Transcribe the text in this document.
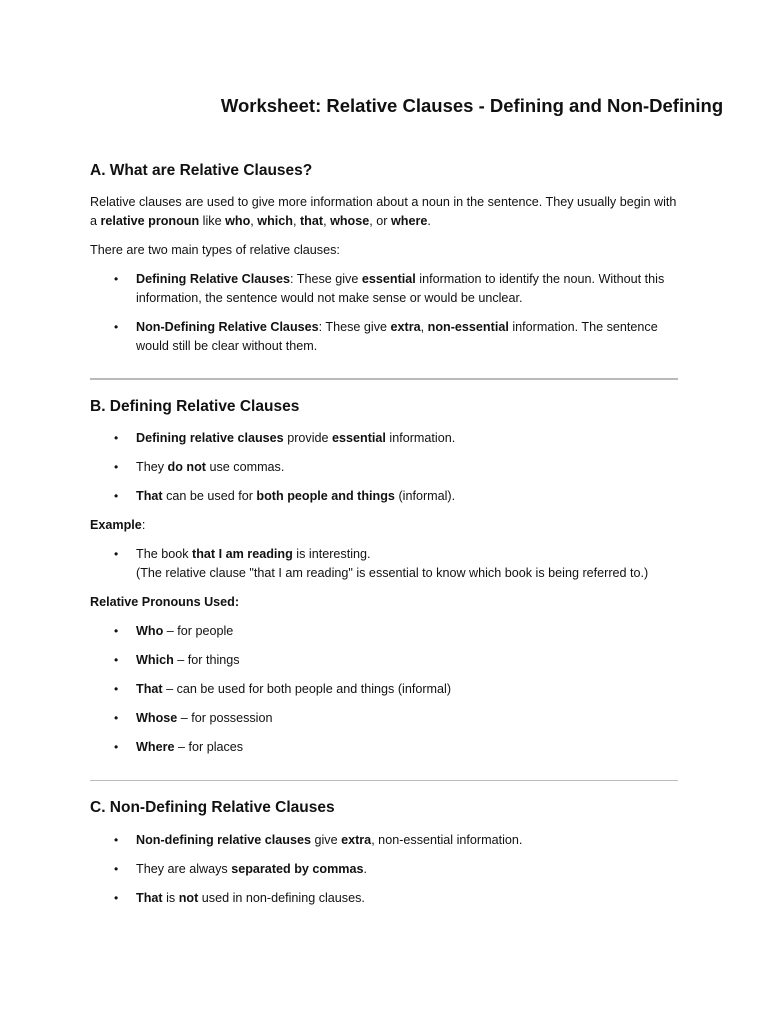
Worksheet: Relative Clauses - Defining and Non-Defining
A. What are Relative Clauses?

Relative clauses are used to give more information about a noun in the sentence. They usually begin with a relative pronoun like who, which, that, whose, or where.

There are two main types of relative clauses:

• Defining Relative Clauses: These give essential information to identify the noun. Without this information, the sentence would not make sense or would be unclear.
• Non-Defining Relative Clauses: These give extra, non-essential information. The sentence would still be clear without them.
B. Defining Relative Clauses
• Defining relative clauses provide essential information.
• They do not use commas.
• That can be used for both people and things (informal).

Example:

• The book that I am reading is interesting.
(The relative clause "that I am reading" is essential to know which book is being referred to.)

Relative Pronouns Used:

• Who – for people
• Which – for things
• That – can be used for both people and things (informal)
• Whose – for possession
• Where – for places
C. Non-Defining Relative Clauses
• Non-defining relative clauses give extra, non-essential information.
• They are always separated by commas.
• That is not used in non-defining clauses.
